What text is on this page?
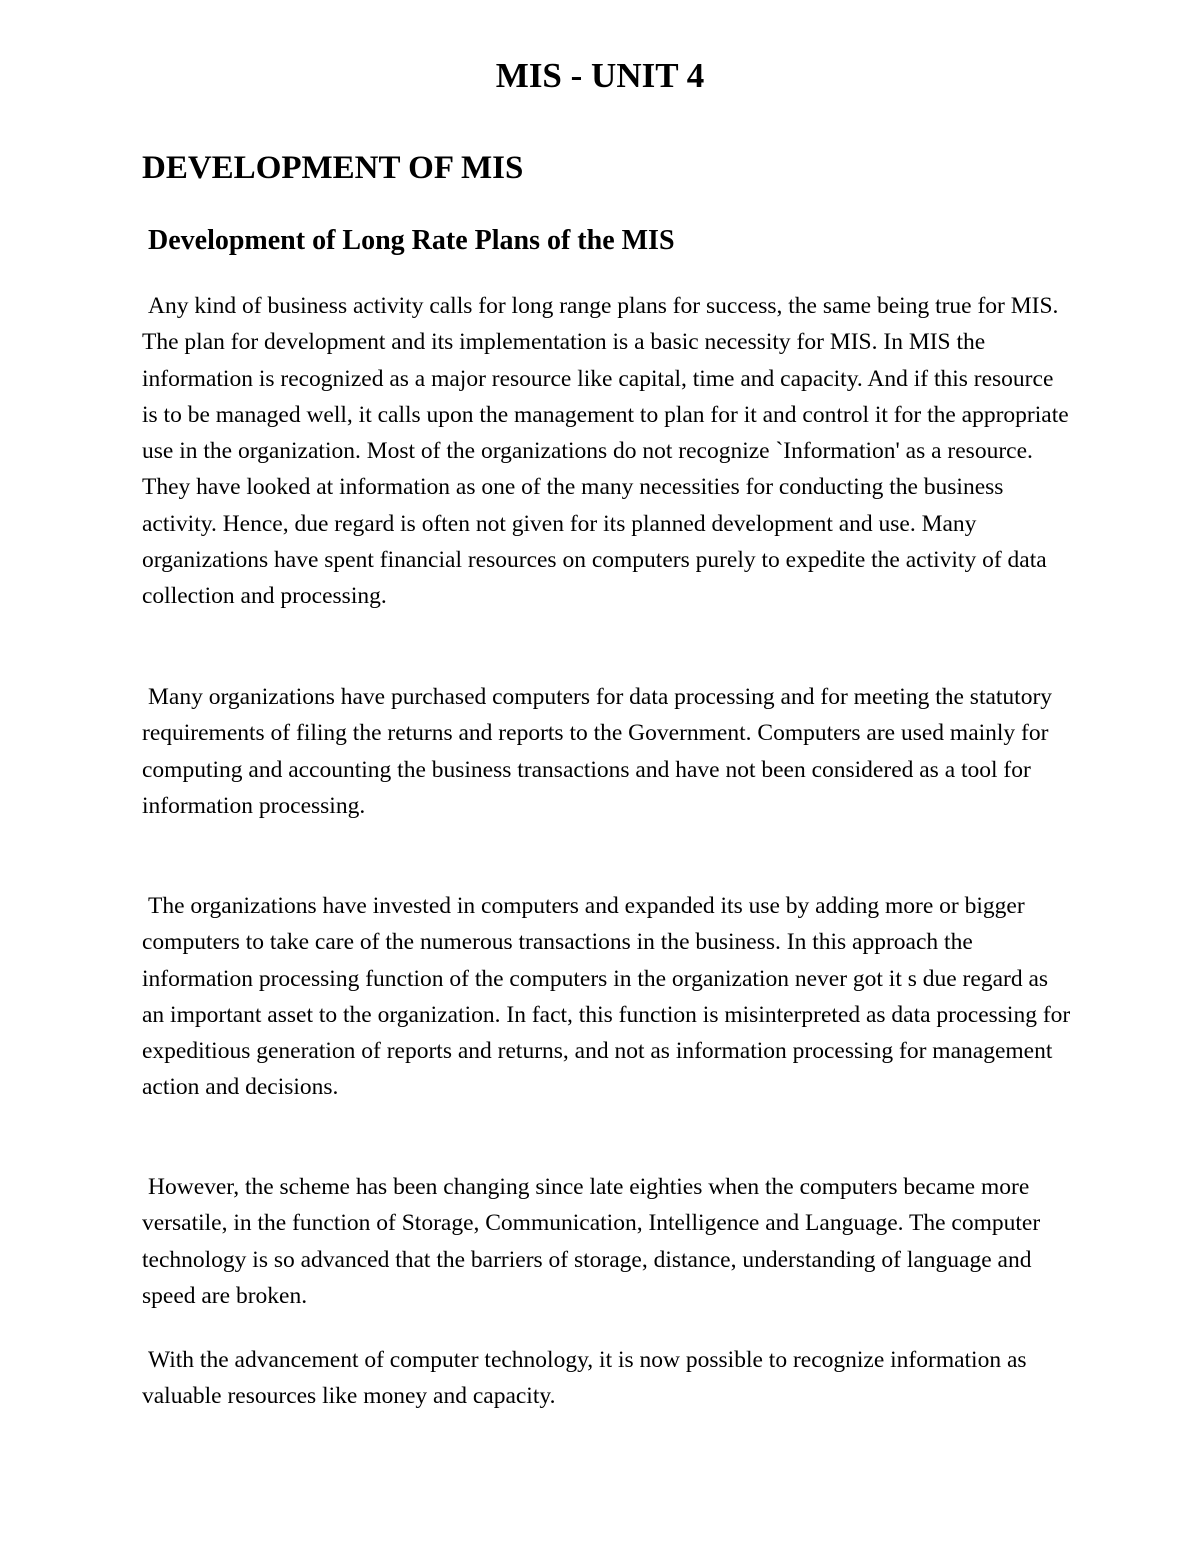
MIS - UNIT 4
DEVELOPMENT OF MIS
Development of Long Rate Plans of the MIS

Any kind of business activity calls for long range plans for success, the same being true for MIS. The plan for development and its implementation is a basic necessity for MIS. In MIS the information is recognized as a major resource like capital, time and capacity. And if this resource is to be managed well, it calls upon the management to plan for it and control it for the appropriate use in the organization. Most of the organizations do not recognize `Information' as a resource. They have looked at information as one of the many necessities for conducting the business activity. Hence, due regard is often not given for its planned development and use. Many organizations have spent financial resources on computers purely to expedite the activity of data collection and processing.

Many organizations have purchased computers for data processing and for meeting the statutory requirements of filing the returns and reports to the Government. Computers are used mainly for computing and accounting the business transactions and have not been considered as a tool for information processing.

The organizations have invested in computers and expanded its use by adding more or bigger computers to take care of the numerous transactions in the business. In this approach the information processing function of the computers in the organization never got it s due regard as an important asset to the organization. In fact, this function is misinterpreted as data processing for expeditious generation of reports and returns, and not as information processing for management action and decisions.

However, the scheme has been changing since late eighties when the computers became more versatile, in the function of Storage, Communication, Intelligence and Language. The computer technology is so advanced that the barriers of storage, distance, understanding of language and speed are broken.

With the advancement of computer technology, it is now possible to recognize information as valuable resources like money and capacity.
